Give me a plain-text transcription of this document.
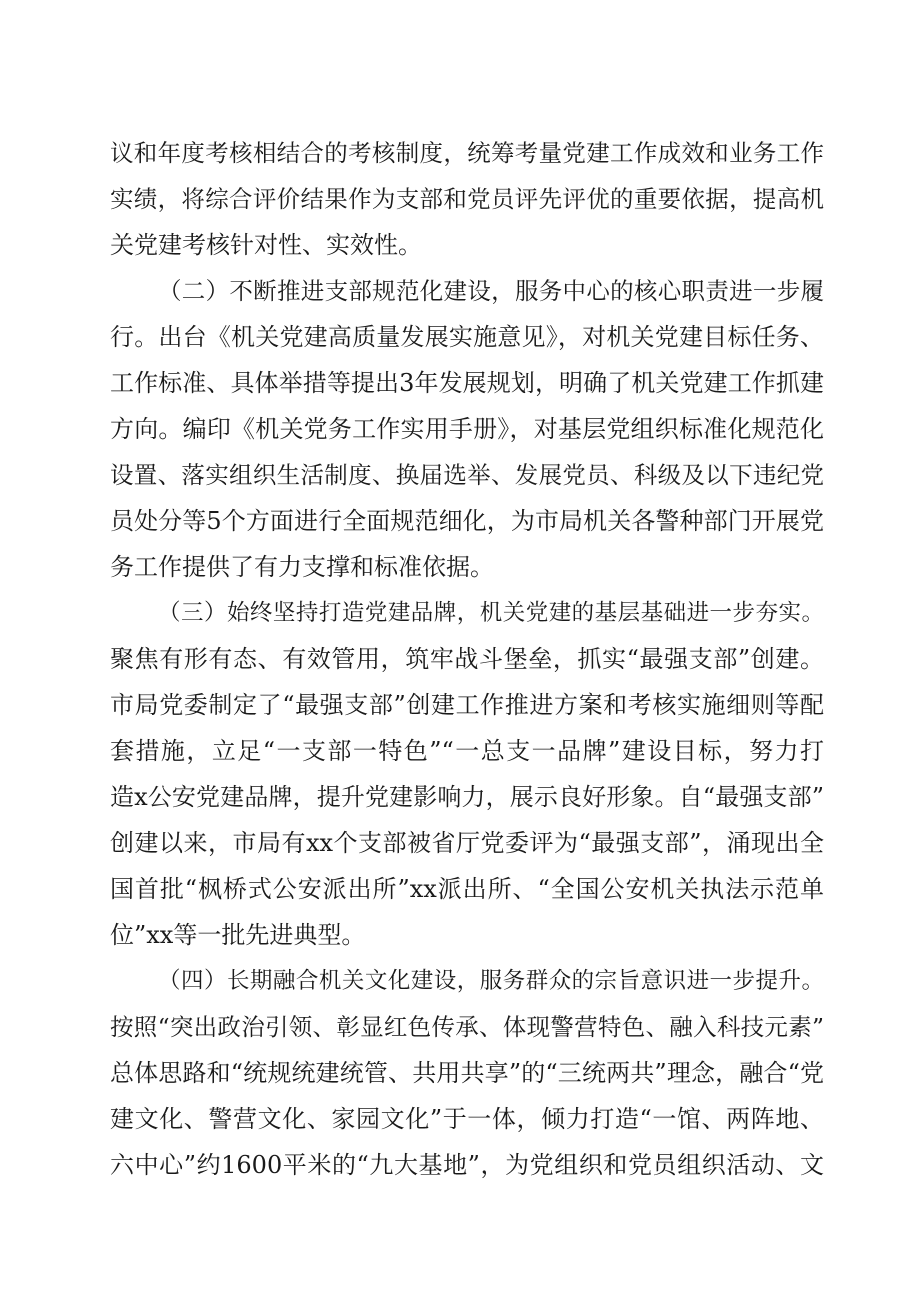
议和年度考核相结合的考核制度，统筹考量党建工作成效和业务工作
实绩，将综合评价结果作为支部和党员评先评优的重要依据，提高机
关党建考核针对性、实效性。
（二）不断推进支部规范化建设，服务中心的核心职责进一步履
行。出台《机关党建高质量发展实施意见》，对机关党建目标任务、
工作标准、具体举措等提出3年发展规划，明确了机关党建工作抓建
方向。编印《机关党务工作实用手册》，对基层党组织标准化规范化
设置、落实组织生活制度、换届选举、发展党员、科级及以下违纪党
员处分等5个方面进行全面规范细化，为市局机关各警种部门开展党
务工作提供了有力支撑和标准依据。
（三）始终坚持打造党建品牌，机关党建的基层基础进一步夯实。
聚焦有形有态、有效管用，筑牢战斗堡垒，抓实“最强支部”创建。
市局党委制定了“最强支部”创建工作推进方案和考核实施细则等配
套措施，立足“一支部一特色”“一总支一品牌”建设目标，努力打
造x公安党建品牌，提升党建影响力，展示良好形象。自“最强支部”
创建以来，市局有xx个支部被省厅党委评为“最强支部”，涌现出全
国首批“枫桥式公安派出所”xx派出所、“全国公安机关执法示范单
位”xx等一批先进典型。
（四）长期融合机关文化建设，服务群众的宗旨意识进一步提升。
按照“突出政治引领、彰显红色传承、体现警营特色、融入科技元素”
总体思路和“统规统建统管、共用共享”的“三统两共”理念，融合“党
建文化、警营文化、家园文化”于一体，倾力打造“一馆、两阵地、
六中心”约1600平米的“九大基地”，为党组织和党员组织活动、文
